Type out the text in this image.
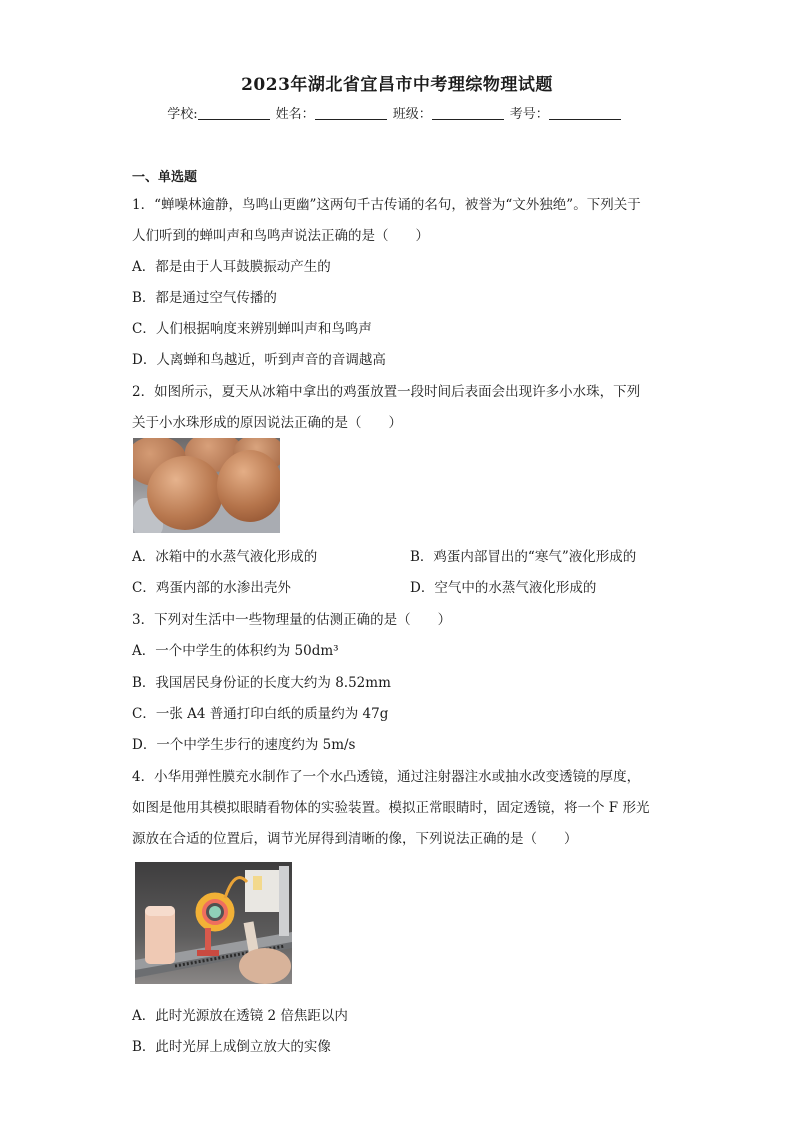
2023年湖北省宜昌市中考理综物理试题
学校:	姓名：	班级：	考号：
一、单选题
1．“蝉噪林逾静，鸟鸣山更幽”这两句千古传诵的名句，被誉为“文外独绝”。下列关于
人们听到的蝉叫声和鸟鸣声说法正确的是（　　）
A．都是由于人耳鼓膜振动产生的
B．都是通过空气传播的
C．人们根据响度来辨别蝉叫声和鸟鸣声
D．人离蝉和鸟越近，听到声音的音调越高
2．如图所示，夏天从冰箱中拿出的鸡蛋放置一段时间后表面会出现许多小水珠，下列
关于小水珠形成的原因说法正确的是（　　）
A．冰箱中的水蒸气液化形成的	B．鸡蛋内部冒出的“寒气”液化形成的
C．鸡蛋内部的水渗出壳外	D．空气中的水蒸气液化形成的
3．下列对生活中一些物理量的估测正确的是（　　）
A．一个中学生的体积约为 50dm³
B．我国居民身份证的长度大约为 8.52mm
C．一张 A4 普通打印白纸的质量约为 47g
D．一个中学生步行的速度约为 5m/s
4．小华用弹性膜充水制作了一个水凸透镜，通过注射器注水或抽水改变透镜的厚度，
如图是他用其模拟眼睛看物体的实验装置。模拟正常眼睛时，固定透镜，将一个 F 形光
源放在合适的位置后，调节光屏得到清晰的像，下列说法正确的是（　　）
A．此时光源放在透镜 2 倍焦距以内
B．此时光屏上成倒立放大的实像
